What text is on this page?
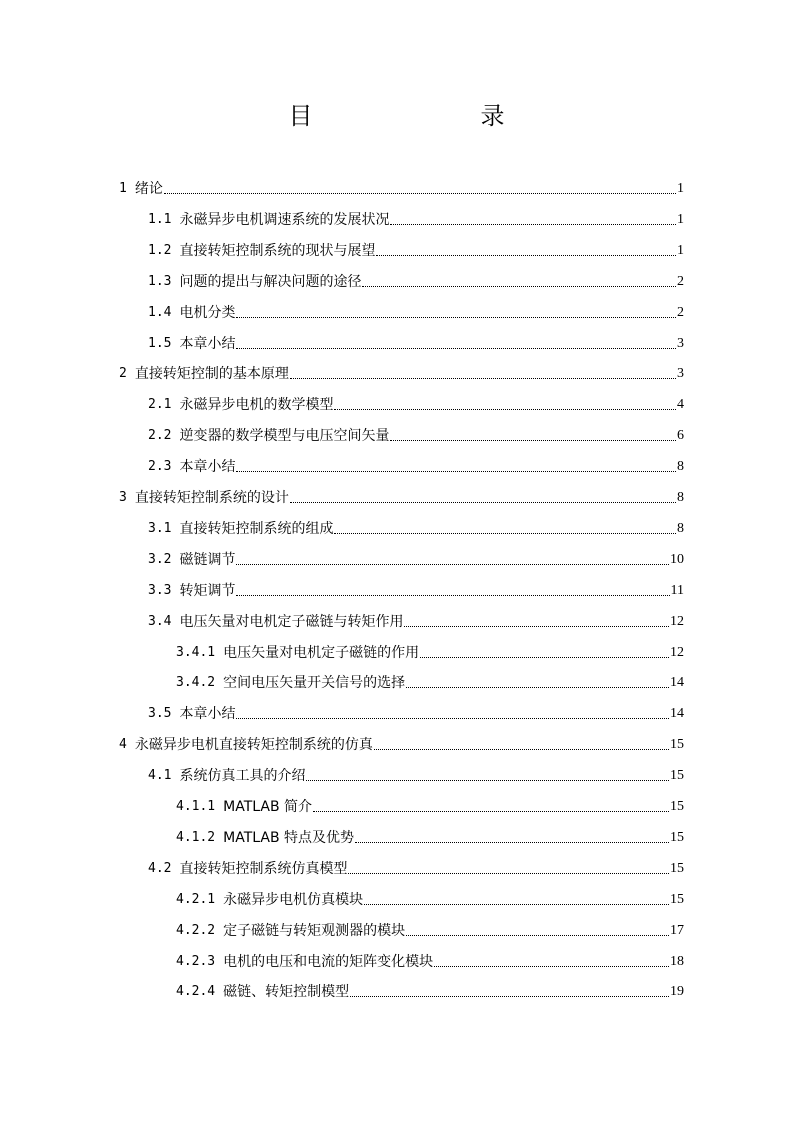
目　　录
1 绪论	1
1.1 永磁异步电机调速系统的发展状况	1
1.2 直接转矩控制系统的现状与展望	1
1.3 问题的提出与解决问题的途径	2
1.4 电机分类	2
1.5 本章小结	3
2 直接转矩控制的基本原理	3
2.1 永磁异步电机的数学模型	4
2.2 逆变器的数学模型与电压空间矢量	6
2.3 本章小结	8
3 直接转矩控制系统的设计	8
3.1 直接转矩控制系统的组成	8
3.2 磁链调节	10
3.3 转矩调节	11
3.4 电压矢量对电机定子磁链与转矩作用	12
3.4.1 电压矢量对电机定子磁链的作用	12
3.4.2 空间电压矢量开关信号的选择	14
3.5 本章小结	14
4 永磁异步电机直接转矩控制系统的仿真	15
4.1 系统仿真工具的介绍	15
4.1.1 MATLAB 简介	15
4.1.2 MATLAB 特点及优势	15
4.2 直接转矩控制系统仿真模型	15
4.2.1 永磁异步电机仿真模块	15
4.2.2 定子磁链与转矩观测器的模块	17
4.2.3 电机的电压和电流的矩阵变化模块	18
4.2.4 磁链、转矩控制模型	19
